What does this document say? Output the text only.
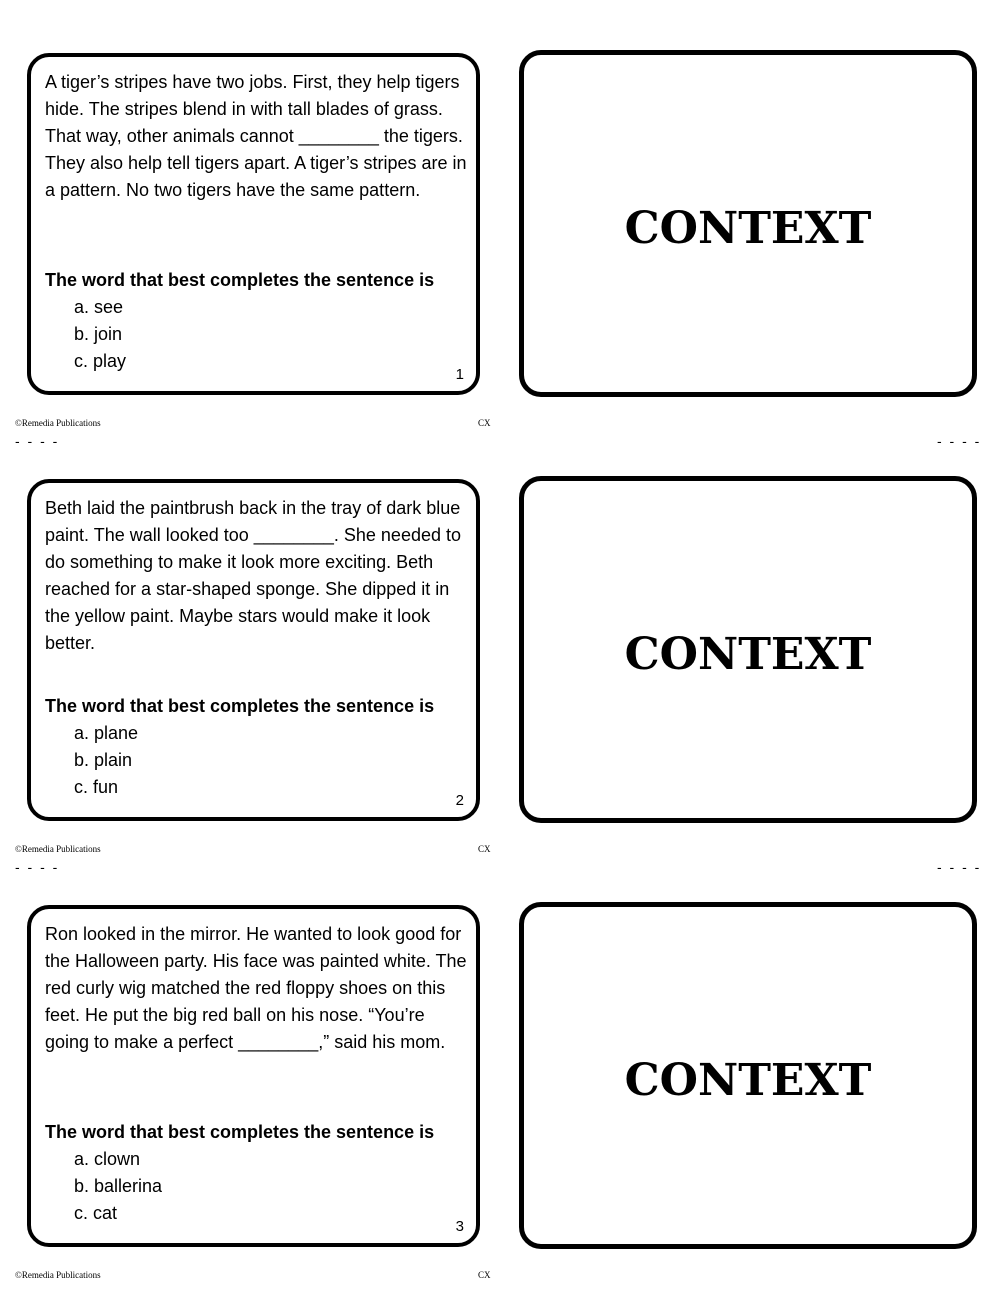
A tiger’s stripes have two jobs. First, they help tigers hide. The stripes blend in with tall blades of grass. That way, other animals cannot ________ the tigers. They also help tell tigers apart. A tiger’s stripes are in a pattern. No two tigers have the same pattern.

The word that best completes the sentence is

a. see
b. join
c. play
1
CONTEXT
©Remedia Publications	CX
- - - -	- - - -

Beth laid the paintbrush back in the tray of dark blue paint. The wall looked too ________. She needed to do something to make it look more exciting. Beth reached for a star-shaped sponge. She dipped it in the yellow paint. Maybe stars would make it look better.

The word that best completes the sentence is

a. plane
b. plain
c. fun
2
CONTEXT
©Remedia Publications	CX
- - - -	- - - -

Ron looked in the mirror. He wanted to look good for the Halloween party. His face was painted white. The red curly wig matched the red floppy shoes on this feet. He put the big red ball on his nose. “You’re going to make a perfect ________,” said his mom.

The word that best completes the sentence is

a. clown
b. ballerina
c. cat
3
CONTEXT
©Remedia Publications	CX
